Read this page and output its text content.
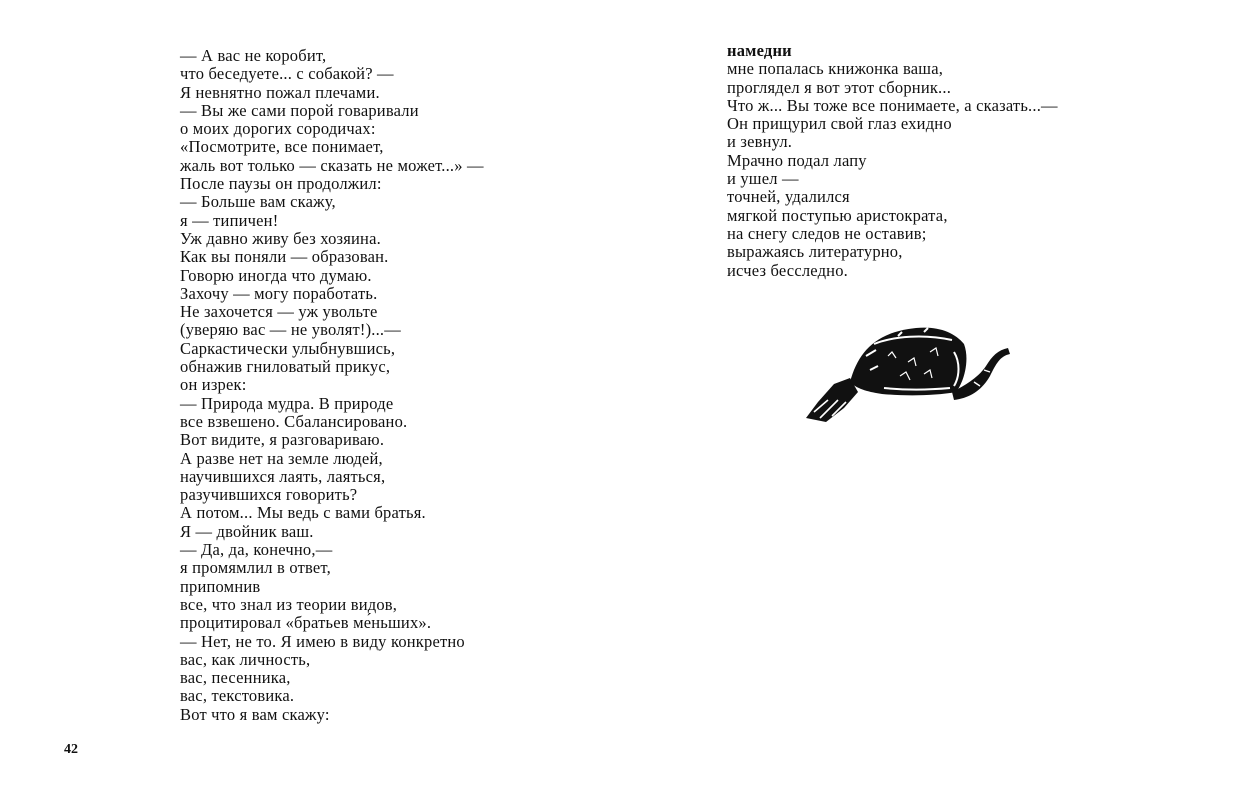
— А вас не коробит,
что беседуете... с собакой? —
Я невнятно пожал плечами.
— Вы же сами порой говаривали
о моих дорогих сородичах:
«Посмотрите, все понимает,
жаль вот только — сказать не может...» —
После паузы он продолжил:
— Больше вам скажу,
я — типичен!
Уж давно живу без хозяина.
Как вы поняли — образован.
Говорю иногда что думаю.
Захочу — могу поработать.
Не захочется — уж увольте
(уверяю вас — не уволят!)...—
Саркастически улыбнувшись,
обнажив гниловатый прикус,
он изрек:
— Природа мудра. В природе
все взвешено. Сбалансировано.
Вот видите, я разговариваю.
А разве нет на земле людей,
научившихся лаять, лаяться,
разучившихся говорить?
А потом... Мы ведь с вами братья.
Я — двойник ваш.
— Да, да, конечно,—
я промямлил в ответ,
припомнив
все, что знал из теории видов,
процитировал «братьев ме́ньших».
— Нет, не то. Я имею в виду конкретно
вас, как личность,
вас, песенника,
вас, текстовика.
Вот что я вам скажу:
намедни
мне попалась книжонка ваша,
проглядел я вот этот сборник...
Что ж... Вы тоже все понимаете, а сказать...—
Он прищурил свой глаз ехидно
и зевнул.
Мрачно подал лапу
и ушел —
точней, удалился
мягкой поступью аристократа,
на снегу следов не оставив;
выражаясь литературно,
исчез бесследно.
42
